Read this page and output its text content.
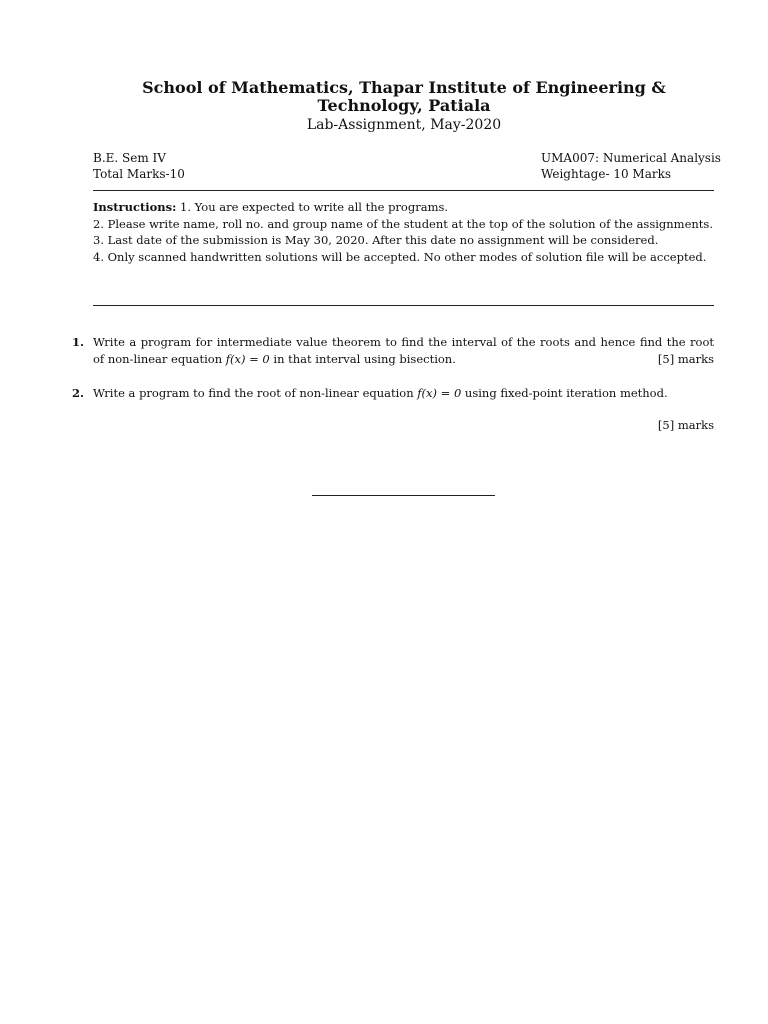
School of Mathematics, Thapar Institute of Engineering & Technology, Patiala
Lab-Assignment, May-2020
B.E. Sem IV
Total Marks-10
UMA007: Numerical Analysis
Weightage- 10 Marks

Instructions: 1. You are expected to write all the programs.

2. Please write name, roll no. and group name of the student at the top of the solution of the assignments.

3. Last date of the submission is May 30, 2020. After this date no assignment will be considered.

4. Only scanned handwritten solutions will be accepted. No other modes of solution file will be accepted.

1. Write a program for intermediate value theorem to find the interval of the roots and hence find the root of non-linear equation f(x) = 0 in that interval using bisection.	[5] marks
2. Write a program to find the root of non-linear equation f(x) = 0 using fixed-point iteration method.
[5] marks
